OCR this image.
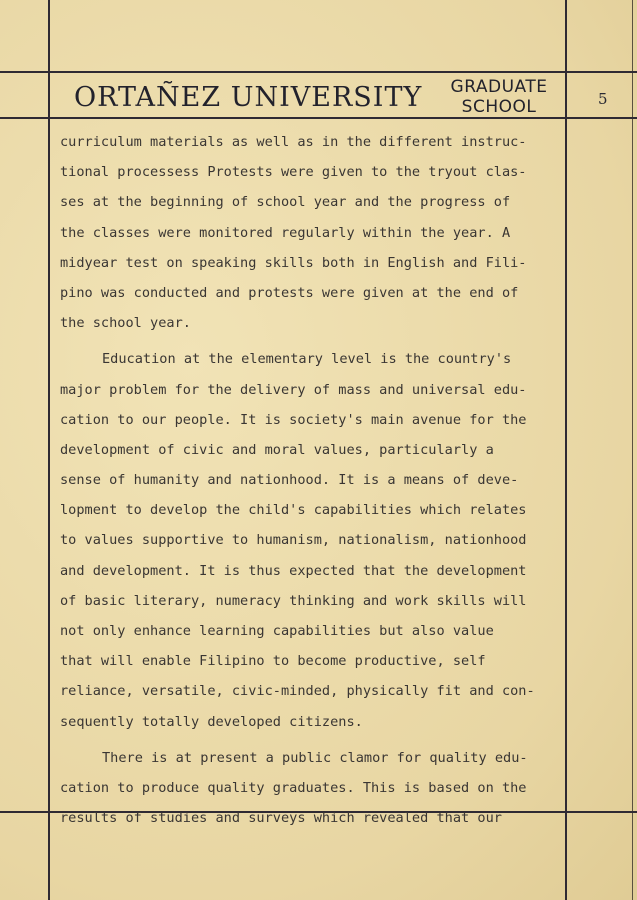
ORTAÑEZ UNIVERSITY	GRADUATE
SCHOOL	5
curriculum materials as well as in the different instruc-
tional processess Protests were given to the tryout clas-
ses at the beginning of school year and the progress of
the classes were monitored regularly within the year. A
midyear test on speaking skills both in English and Fili-
pino was conducted and protests were given at the end of
the school year.
Education at the elementary level is the country's
major problem for the delivery of mass and universal edu-
cation to our people. It is society's main avenue for the
development of civic and moral values, particularly a
sense of humanity and nationhood. It is a means of deve-
lopment to develop the child's capabilities which relates
to values supportive to humanism, nationalism, nationhood
and development. It is thus expected that the development
of basic literary, numeracy thinking and work skills will
not only enhance learning capabilities but also value
that will enable Filipino to become productive, self
reliance, versatile, civic-minded, physically fit and con-
sequently totally developed citizens.
There is at present a public clamor for quality edu-
cation to produce quality graduates. This is based on the
results of studies and surveys which revealed that our
